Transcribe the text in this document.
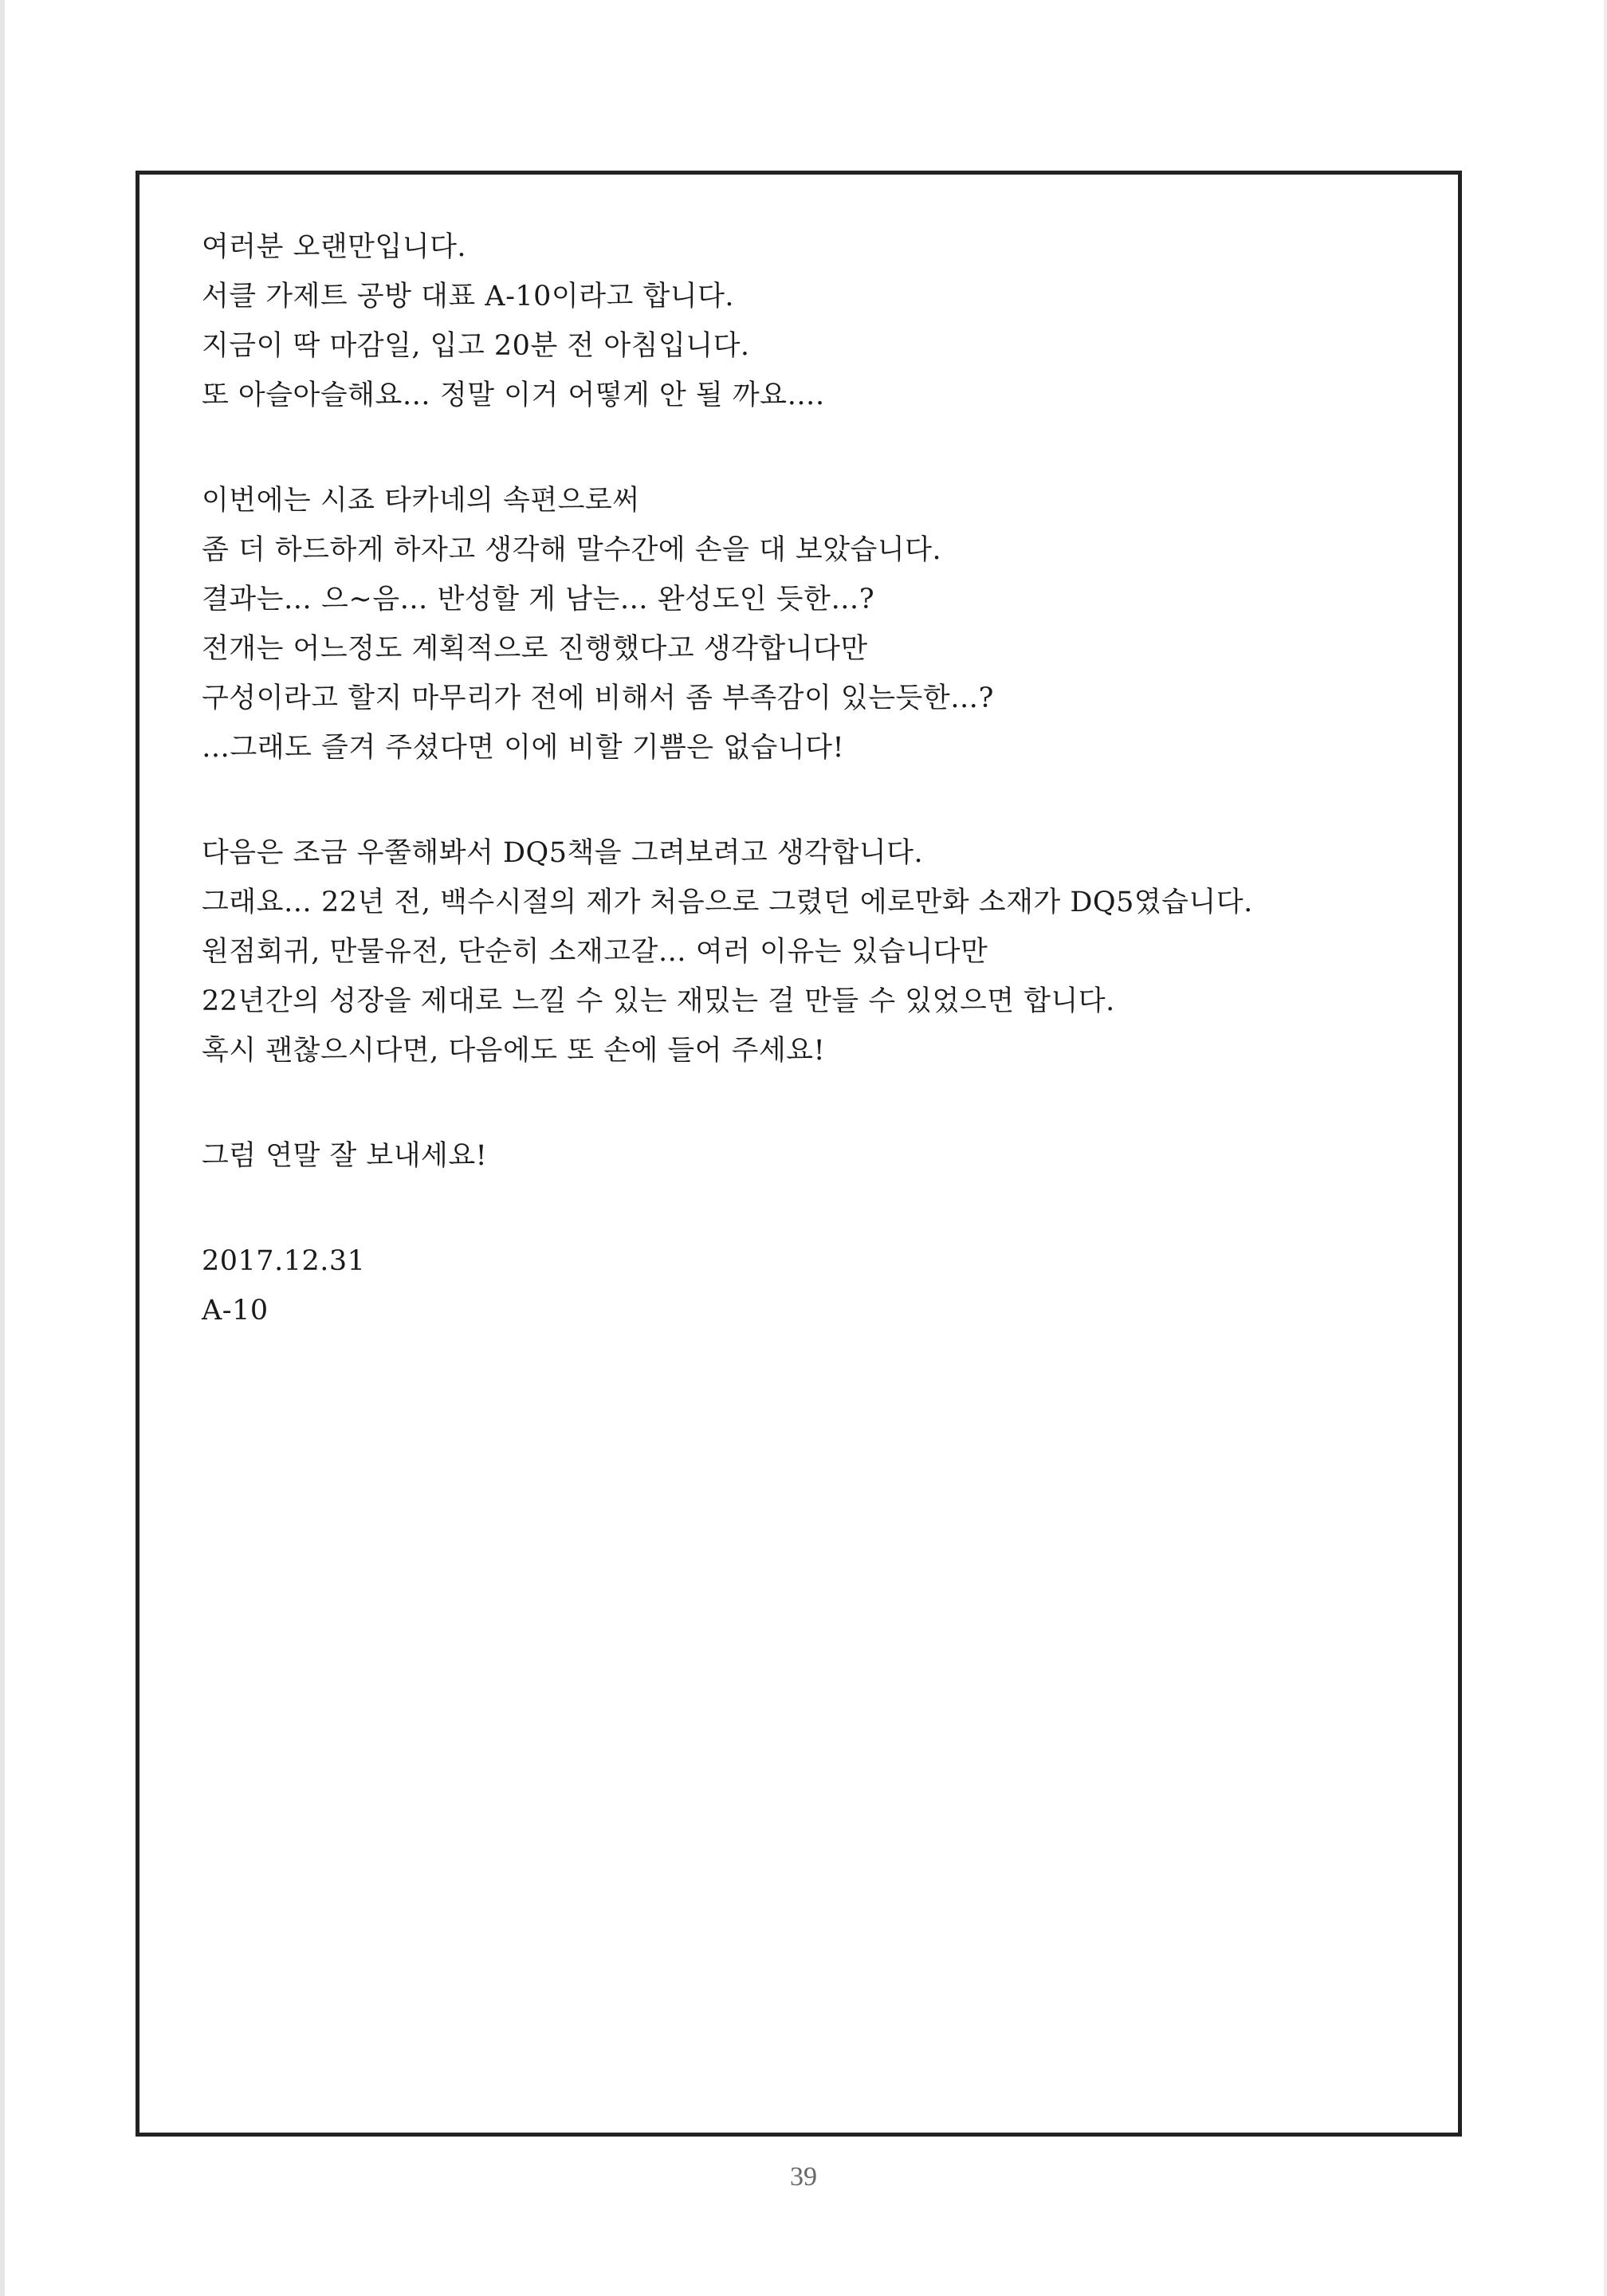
여러분 오랜만입니다.
서클 가제트 공방 대표 A-10이라고 합니다.
지금이 딱 마감일, 입고 20분 전 아침입니다.
또 아슬아슬해요… 정말 이거 어떻게 안 될 까요….
이번에는 시죠 타카네의 속편으로써
좀 더 하드하게 하자고 생각해 말수간에 손을 대 보았습니다.
결과는… 으~음… 반성할 게 남는… 완성도인 듯한…?
전개는 어느정도 계획적으로 진행했다고 생각합니다만
구성이라고 할지 마무리가 전에 비해서 좀 부족감이 있는듯한…?
…그래도 즐겨 주셨다면 이에 비할 기쁨은 없습니다!
다음은 조금 우쭐해봐서 DQ5책을 그려보려고 생각합니다.
그래요… 22년 전, 백수시절의 제가 처음으로 그렸던 에로만화 소재가 DQ5였습니다.
원점회귀, 만물유전, 단순히 소재고갈… 여러 이유는 있습니다만
22년간의 성장을 제대로 느낄 수 있는 재밌는 걸 만들 수 있었으면 합니다.
혹시 괜찮으시다면, 다음에도 또 손에 들어 주세요!
그럼 연말 잘 보내세요!
2017.12.31
A-10
39
